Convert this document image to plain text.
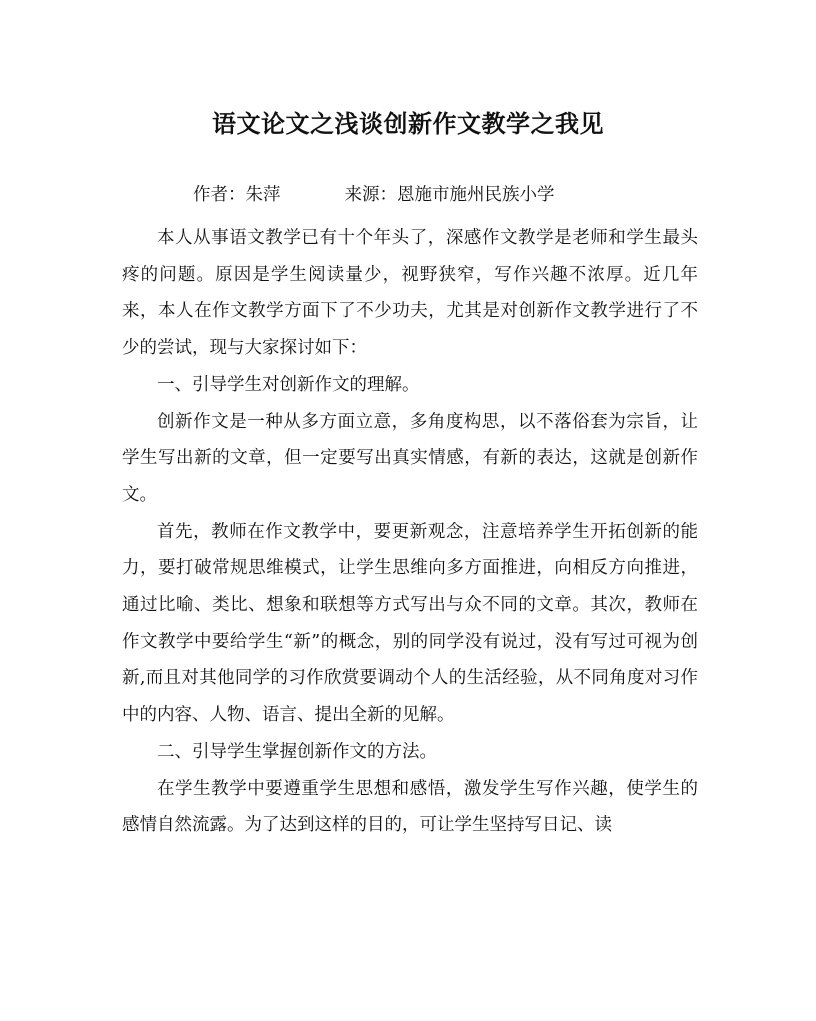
语文论文之浅谈创新作文教学之我见
作者：朱萍	来源：恩施市施州民族小学

本人从事语文教学已有十个年头了，深感作文教学是老师和学生最头疼的问题。原因是学生阅读量少，视野狭窄，写作兴趣不浓厚。近几年来，本人在作文教学方面下了不少功夫，尤其是对创新作文教学进行了不少的尝试，现与大家探讨如下：

一、引导学生对创新作文的理解。

创新作文是一种从多方面立意，多角度构思，以不落俗套为宗旨，让学生写出新的文章，但一定要写出真实情感，有新的表达，这就是创新作文。

首先，教师在作文教学中，要更新观念，注意培养学生开拓创新的能力，要打破常规思维模式，让学生思维向多方面推进，向相反方向推进，通过比喻、类比、想象和联想等方式写出与众不同的文章。其次，教师在作文教学中要给学生“新”的概念，别的同学没有说过，没有写过可视为创新,而且对其他同学的习作欣赏要调动个人的生活经验，从不同角度对习作中的内容、人物、语言、提出全新的见解。

二、引导学生掌握创新作文的方法。

在学生教学中要遵重学生思想和感悟，激发学生写作兴趣，使学生的感情自然流露。为了达到这样的目的，可让学生坚持写日记、读
